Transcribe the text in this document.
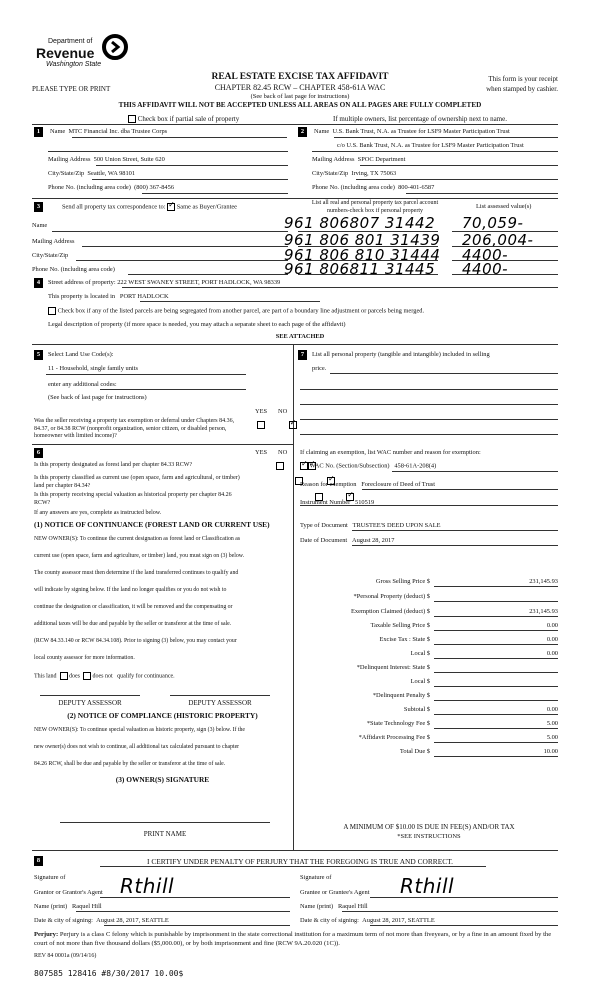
Department of
Revenue
Washington State
REAL ESTATE EXCISE TAX AFFIDAVIT
CHAPTER 82.45 RCW – CHAPTER 458-61A WAC
(See back of last page for instructions)
PLEASE TYPE OR PRINT
This form is your receipt
when stamped by cashier.
THIS AFFIDAVIT WILL NOT BE ACCEPTED UNLESS ALL AREAS ON ALL PAGES ARE FULLY COMPLETED
Check box if partial sale of property	If multiple owners, list percentage of ownership next to name.
1	Name MTC Financial Inc. dba Trustee Corps
Mailing Address 500 Union Street, Suite 620
City/State/Zip Seattle, WA 98101
Phone No. (including area code) (800) 367-8456
2	Name U.S. Bank Trust, N.A. as Trustee for LSF9 Master Participation Trust
c/o U.S. Bank Trust, N.A. as Trustee for LSF9 Master Participation Trust
Mailing Address SPOC Department
City/State/Zip Irving, TX 75063
Phone No. (including area code) 800-401-6587
3	Send all property tax correspondence to: ✓ Same as Buyer/Grantee
List all real and personal property tax parcel account numbers-check box if personal property
List assessed value(s)
Name
Mailing Address
City/State/Zip
Phone No. (including area code)
961 806807 31442 70,059-
961 806 801 31439 206,004-
961 806 810 31444 4400-
961 806811 31445 4400-
4	Street address of property: 222 WEST SWANEY STREET, PORT HADLOCK, WA 98339
This property is located in PORT HADLOCK
Check box if any of the listed parcels are being segregated from another parcel, are part of a boundary line adjustment or parcels being merged.
Legal description of property (if more space is needed, you may attach a separate sheet to each page of the affidavit)
SEE ATTACHED
5	Select Land Use Code(s):
11 - Household, single family units
enter any additional codes:
(See back of last page for instructions)
YES NO
Was the seller receiving a property tax exemption or deferral under Chapters 84.36, 84.37, or 84.38 RCW (nonprofit organization, senior citizen, or disabled person, homeowner with limited income)?
✓
6	YES NO
Is this property designated as forest land per chapter 84.33 RCW?
✓
Is this property classified as current use (open space, farm and agricultural, or timber) land per chapter 84.34?
✓
Is this property receiving special valuation as historical property per chapter 84.26 RCW?
✓
If any answers are yes, complete as instructed below.
(1) NOTICE OF CONTINUANCE (FOREST LAND OR CURRENT USE)
NEW OWNER(S): To continue the current designation as forest land or Classification as
current use (open space, farm and agriculture, or timber) land, you must sign on (3) below.
The county assessor must then determine if the land transferred continues to qualify and
will indicate by signing below. If the land no longer qualifies or you do not wish to
continue the designation or classification, it will be removed and the compensating or
additional taxes will be due and payable by the seller or transferor at the time of sale.
(RCW 84.33.140 or RCW 84.34.108). Prior to signing (3) below, you may contact your
local county assessor for more information.
This land does does not qualify for continuance.
DEPUTY ASSESSOR	DEPUTY ASSESSOR
(2) NOTICE OF COMPLIANCE (HISTORIC PROPERTY)
NEW OWNER(S): To continue special valuation as historic property, sign (3) below. If the
new owner(s) does not wish to continue, all additional tax calculated pursuant to chapter
84.26 RCW, shall be due and payable by the seller or transferor at the time of sale.
(3) OWNER(S) SIGNATURE
PRINT NAME
7	List all personal property (tangible and intangible) included in selling
price.
If claiming an exemption, list WAC number and reason for exemption:
✓ WAC No. (Section/Subsection) 458-61A-208(4)
Reason for exemption Foreclosure of Deed of Trust
Instrument Number 510519
Type of Document TRUSTEE'S DEED UPON SALE
Date of Document August 28, 2017
Gross Selling Price $	231,145.93
*Personal Property (deduct) $
Exemption Claimed (deduct) $	231,145.93
Taxable Selling Price $	0.00
Excise Tax : State $	0.00
Local $	0.00
*Delinquent Interest: State $
Local $
*Delinquent Penalty $
Subtotal $	0.00
*State Technology Fee $	5.00
*Affidavit Processing Fee $	5.00
Total Due $	10.00
A MINIMUM OF $10.00 IS DUE IN FEE(S) AND/OR TAX
*SEE INSTRUCTIONS
8	I CERTIFY UNDER PENALTY OF PERJURY THAT THE FOREGOING IS TRUE AND CORRECT.
Signature of
Grantor or Grantor's Agent Rthill
Name (print) Raquel Hill
Date & city of signing: August 28, 2017, SEATTLE
Signature of
Grantee or Grantee's Agent Rthill
Name (print) Raquel Hill
Date & city of signing: August 28, 2017, SEATTLE
Perjury: Perjury is a class C felony which is punishable by imprisonment in the state correctional institution for a maximum term of not more than fiveyears, or by a fine in an amount fixed by the court of not more than five thousand dollars ($5,000.00), or by both imprisonment and fine (RCW 9A.20.020 (1C)).
REV 84 0001a (09/14/16)
807585 128416 #8/30/2017 10.00$
